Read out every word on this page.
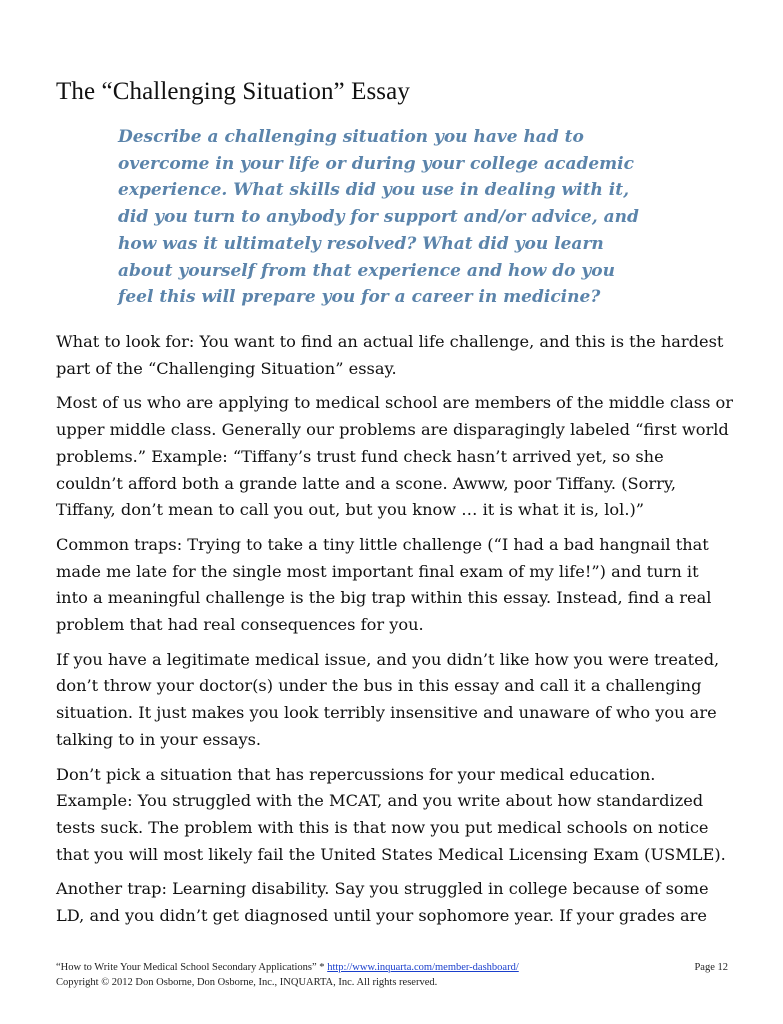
The “Challenging Situation” Essay
Describe a challenging situation you have had to
overcome in your life or during your college academic
experience. What skills did you use in dealing with it,
did you turn to anybody for support and/or advice, and
how was it ultimately resolved? What did you learn
about yourself from that experience and how do you
feel this will prepare you for a career in medicine?

What to look for: You want to find an actual life challenge, and this is the hardest
part of the “Challenging Situation” essay.

Most of us who are applying to medical school are members of the middle class or
upper middle class. Generally our problems are disparagingly labeled “first world
problems.” Example: “Tiffany’s trust fund check hasn’t arrived yet, so she
couldn’t afford both a grande latte and a scone. Awww, poor Tiffany. (Sorry,
Tiffany, don’t mean to call you out, but you know … it is what it is, lol.)”

Common traps: Trying to take a tiny little challenge (“I had a bad hangnail that
made me late for the single most important final exam of my life!”) and turn it
into a meaningful challenge is the big trap within this essay. Instead, find a real
problem that had real consequences for you.

If you have a legitimate medical issue, and you didn’t like how you were treated,
don’t throw your doctor(s) under the bus in this essay and call it a challenging
situation. It just makes you look terribly insensitive and unaware of who you are
talking to in your essays.

Don’t pick a situation that has repercussions for your medical education.
Example: You struggled with the MCAT, and you write about how standardized
tests suck. The problem with this is that now you put medical schools on notice
that you will most likely fail the United States Medical Licensing Exam (USMLE).

Another trap: Learning disability. Say you struggled in college because of some
LD, and you didn’t get diagnosed until your sophomore year. If your grades are

“How to Write Your Medical School Secondary Applications” * http://www.inquarta.com/member-dashboard/	Page 12
Copyright © 2012 Don Osborne, Don Osborne, Inc., INQUARTA, Inc. All rights reserved.
